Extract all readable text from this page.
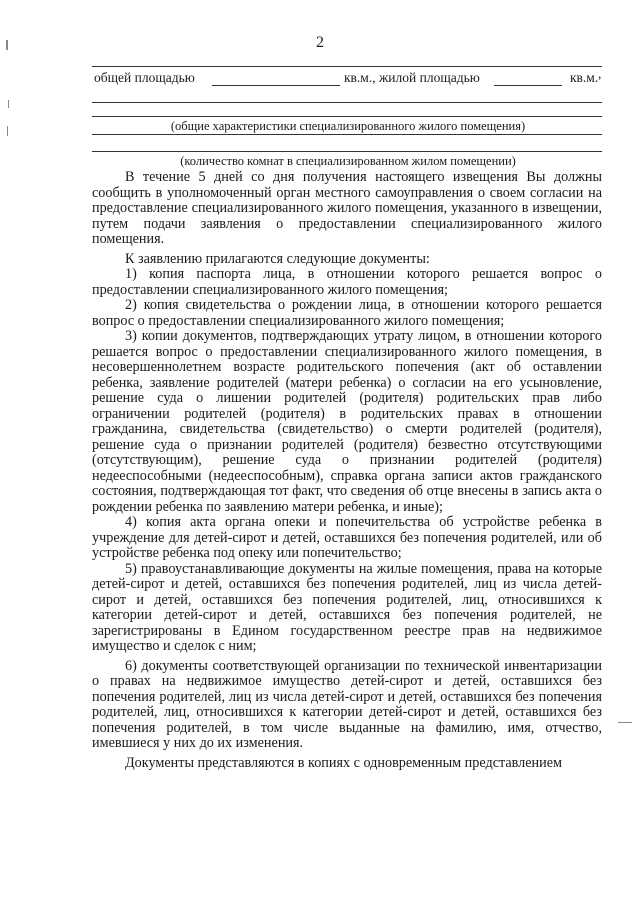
2
общей площадью	кв.м., жилой площадью	кв.м. ,
(общие характеристики специализированного жилого помещения)
(количество комнат в специализированном жилом помещении)

В течение 5 дней со дня получения настоящего извещения Вы должны сообщить в уполномоченный орган местного самоуправления о своем согласии на предоставление специализированного жилого помещения, указанного в извещении, путем подачи заявления о предоставлении специализированного жилого помещения.

К заявлению прилагаются следующие документы:

1) копия паспорта лица, в отношении которого решается вопрос о предоставлении специализированного жилого помещения;

2) копия свидетельства о рождении лица, в отношении которого решается вопрос о предоставлении специализированного жилого помещения;

3) копии документов, подтверждающих утрату лицом, в отношении которого решается вопрос о предоставлении специализированного жилого помещения, в несовершеннолетнем возрасте родительского попечения (акт об оставлении ребенка, заявление родителей (матери ребенка) о согласии на его усыновление, решение суда о лишении родителей (родителя) родительских прав либо ограничении родителей (родителя) в родительских правах в отношении гражданина, свидетельства (свидетельство) о смерти родителей (родителя), решение суда о признании родителей (родителя) безвестно отсутствующими (отсутствующим), решение суда о признании родителей (родителя) недееспособными (недееспособным), справка органа записи актов гражданского состояния, подтверждающая тот факт, что сведения об отце внесены в запись акта о рождении ребенка по заявлению матери ребенка, и иные);

4) копия акта органа опеки и попечительства об устройстве ребенка в учреждение для детей-сирот и детей, оставшихся без попечения родителей, или об устройстве ребенка под опеку или попечительство;

5) правоустанавливающие документы на жилые помещения, права на которые детей-сирот и детей, оставшихся без попечения родителей, лиц из числа детей-сирот и детей, оставшихся без попечения родителей, лиц, относившихся к категории детей-сирот и детей, оставшихся без попечения родителей, не зарегистрированы в Едином государственном реестре прав на недвижимое имущество и сделок с ним;

6) документы соответствующей организации по технической инвентаризации о правах на недвижимое имущество детей-сирот и детей, оставшихся без попечения родителей, лиц из числа детей-сирот и детей, оставшихся без попечения родителей, лиц, относившихся к категории детей-сирот и детей, оставшихся без попечения родителей, в том числе выданные на фамилию, имя, отчество, имевшиеся у них до их изменения.

Документы представляются в копиях с одновременным представлением
